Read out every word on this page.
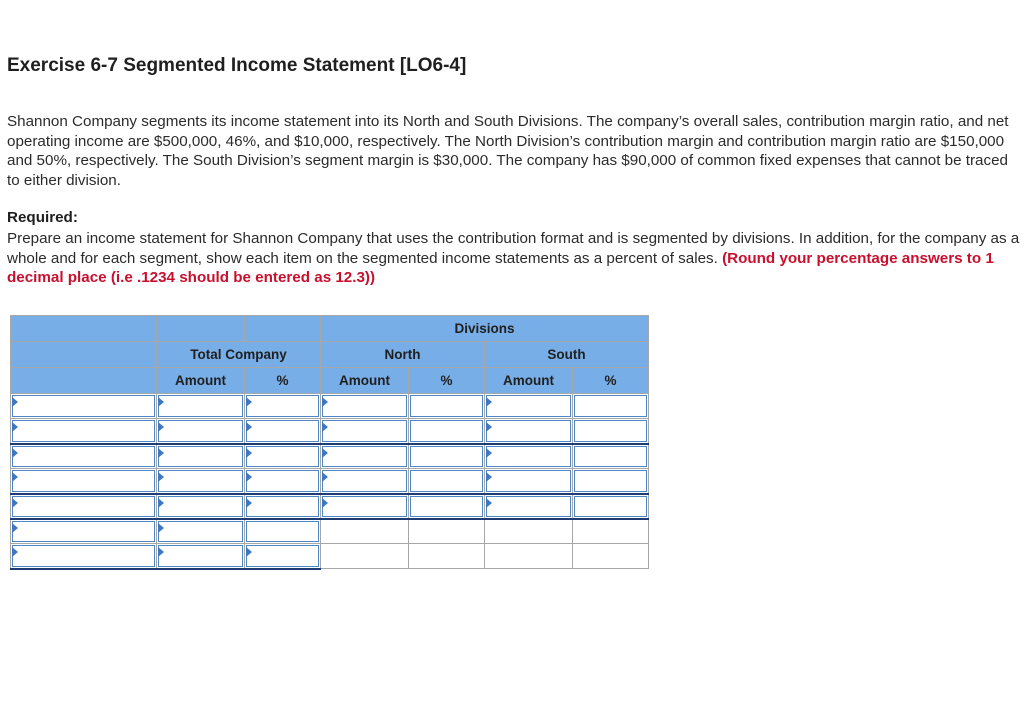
Exercise 6-7 Segmented Income Statement [LO6-4]
Shannon Company segments its income statement into its North and South Divisions. The company’s overall sales, contribution margin ratio, and net operating income are $500,000, 46%, and $10,000, respectively. The North Division’s contribution margin and contribution margin ratio are $150,000 and 50%, respectively. The South Division’s segment margin is $30,000. The company has $90,000 of common fixed expenses that cannot be traced to either division.
Required:
Prepare an income statement for Shannon Company that uses the contribution format and is segmented by divisions. In addition, for the company as a whole and for each segment, show each item on the segmented income statements as a percent of sales. (Round your percentage answers to 1 decimal place (i.e .1234 should be entered as 12.3))
			Divisions			
	Total Company		North		South	
	Amount	%	Amount	%	Amount	%
